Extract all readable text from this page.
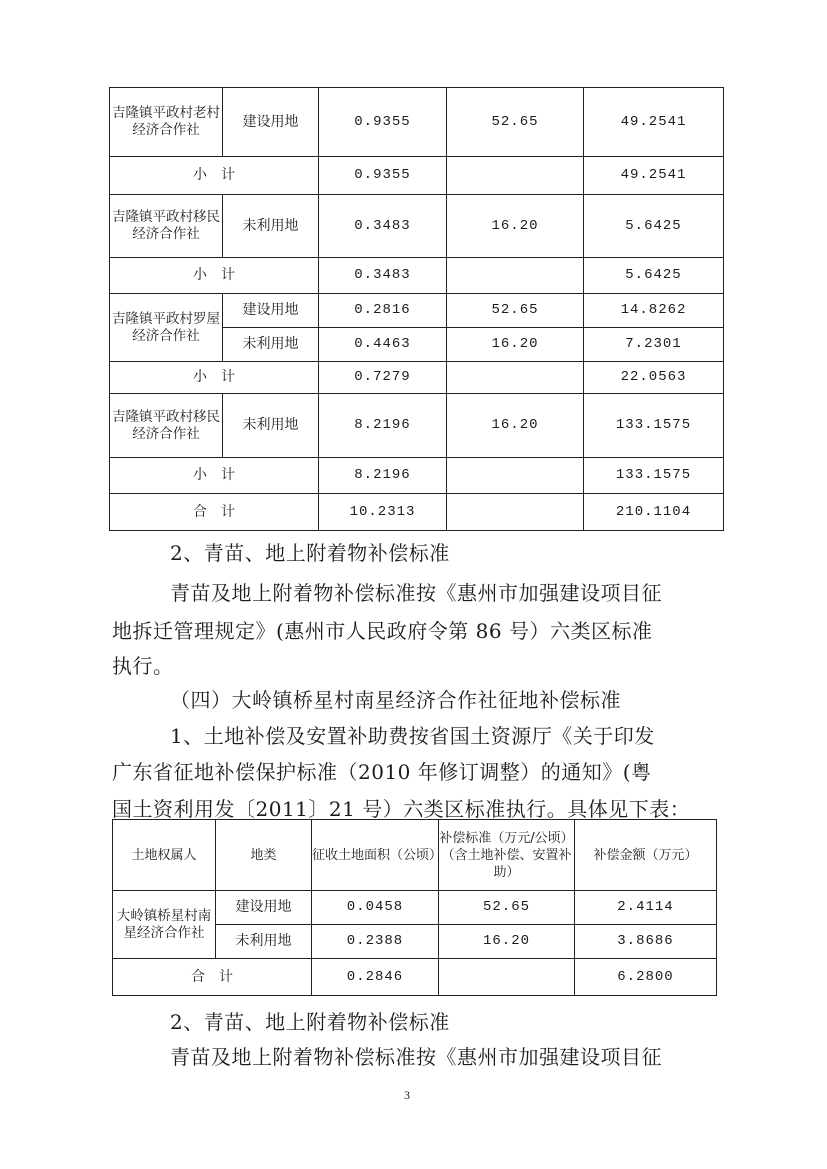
吉隆镇平政村老村经济合作社	建设用地	0.9355	52.65	49.2541
小　计		0.9355		49.2541
吉隆镇平政村移民经济合作社	未利用地	0.3483	16.20	5.6425
小　计		0.3483		5.6425
吉隆镇平政村罗屋经济合作社	建设用地	0.2816	52.65	14.8262
	未利用地	0.4463	16.20	7.2301
小　计		0.7279		22.0563
吉隆镇平政村移民经济合作社	未利用地	8.2196	16.20	133.1575
小　计		8.2196		133.1575
合　计		10.2313		210.1104
2、青苗、地上附着物补偿标准
青苗及地上附着物补偿标准按《惠州市加强建设项目征
地拆迁管理规定》(惠州市人民政府令第 86 号）六类区标准
执行。
（四）大岭镇桥星村南星经济合作社征地补偿标准
1、土地补偿及安置补助费按省国土资源厅《关于印发
广东省征地补偿保护标准（2010 年修订调整）的通知》(粤
国土资利用发〔2011〕21 号）六类区标准执行。具体见下表：
土地权属人	地类	征收土地面积（公顷）	补偿标准（万元/公顷）（含土地补偿、安置补助）	补偿金额（万元）
大岭镇桥星村南星经济合作社	建设用地	0.0458	52.65	2.4114
	未利用地	0.2388	16.20	3.8686
合　计		0.2846		6.2800
2、青苗、地上附着物补偿标准
青苗及地上附着物补偿标准按《惠州市加强建设项目征
3
